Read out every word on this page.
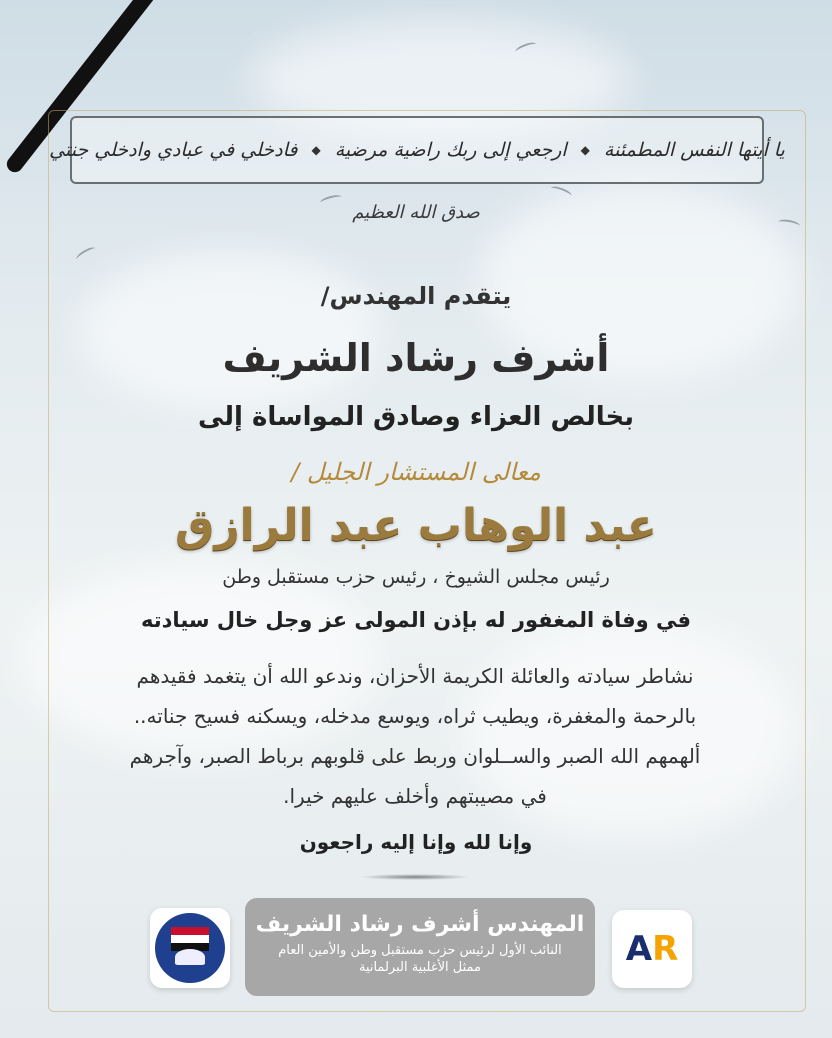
يا أيتها النفس المطمئنة
◆
ارجعي إلى ربك راضية مرضية
◆
فادخلي في عبادي وادخلي جنتي
صدق الله العظيم
يتقدم المهندس/
أشرف رشاد الشريف
بخالص العزاء وصادق المواساة إلى
معالى المستشار الجليل /
عبد الوهاب عبد الرازق
رئيس مجلس الشيوخ ، رئيس حزب مستقبل وطن
في وفاة المغفور له بإذن المولى عز وجل خال سيادته
نشاطر سيادته والعائلة الكريمة الأحزان، وندعو الله أن يتغمد فقيدهم
بالرحمة والمغفرة، ويطيب ثراه، ويوسع مدخله، ويسكنه فسيح جناته..
ألهمهم الله الصبر والســلوان وربط على قلوبهم برباط الصبر، وآجرهم
في مصيبتهم وأخلف عليهم خيرا.
وإنا لله وإنا إليه راجعون
المهندس أشرف رشاد الشريف
النائب الأول لرئيس حزب مستقبل وطن والأمين العام
ممثل الأغلبية البرلمانية	A R
